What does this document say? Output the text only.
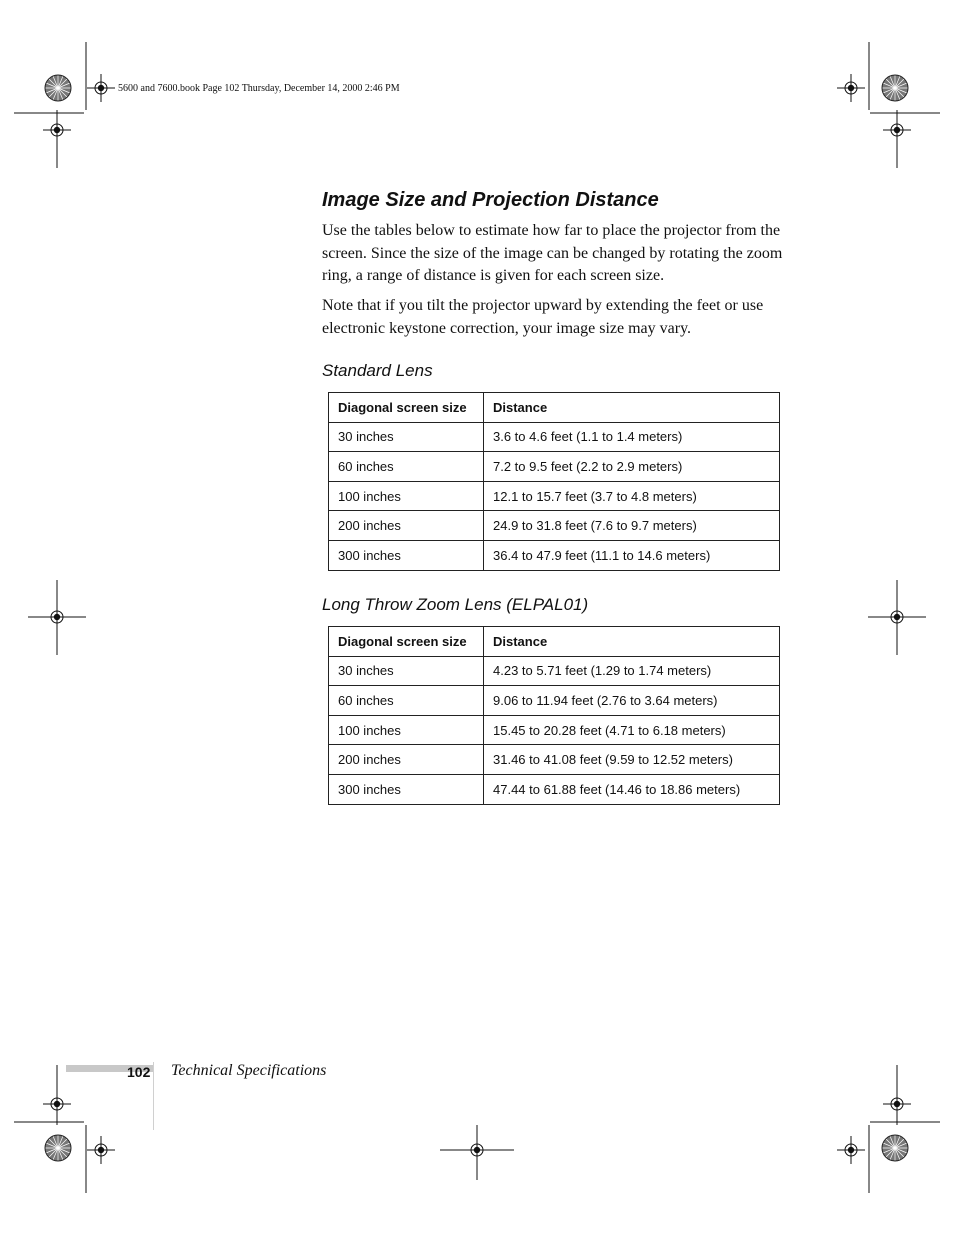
5600 and 7600.book Page 102 Thursday, December 14, 2000 2:46 PM
Image Size and Projection Distance

Use the tables below to estimate how far to place the projector from the screen. Since the size of the image can be changed by rotating the zoom ring, a range of distance is given for each screen size.

Note that if you tilt the projector upward by extending the feet or use electronic keystone correction, your image size may vary.

Standard Lens
Diagonal screen size	Distance
30 inches	3.6 to 4.6 feet (1.1 to 1.4 meters)
60 inches	7.2 to 9.5 feet (2.2 to 2.9 meters)
100 inches	12.1 to 15.7 feet (3.7 to 4.8 meters)
200 inches	24.9 to 31.8 feet (7.6 to 9.7 meters)
300 inches	36.4 to 47.9 feet (11.1 to 14.6 meters)
Long Throw Zoom Lens (ELPAL01)
Diagonal screen size	Distance
30 inches	4.23 to 5.71 feet (1.29 to 1.74 meters)
60 inches	9.06 to 11.94 feet (2.76 to 3.64 meters)
100 inches	15.45 to 20.28 feet (4.71 to 6.18 meters)
200 inches	31.46 to 41.08 feet (9.59 to 12.52 meters)
300 inches	47.44 to 61.88 feet (14.46 to 18.86 meters)
102 Technical Specifications
